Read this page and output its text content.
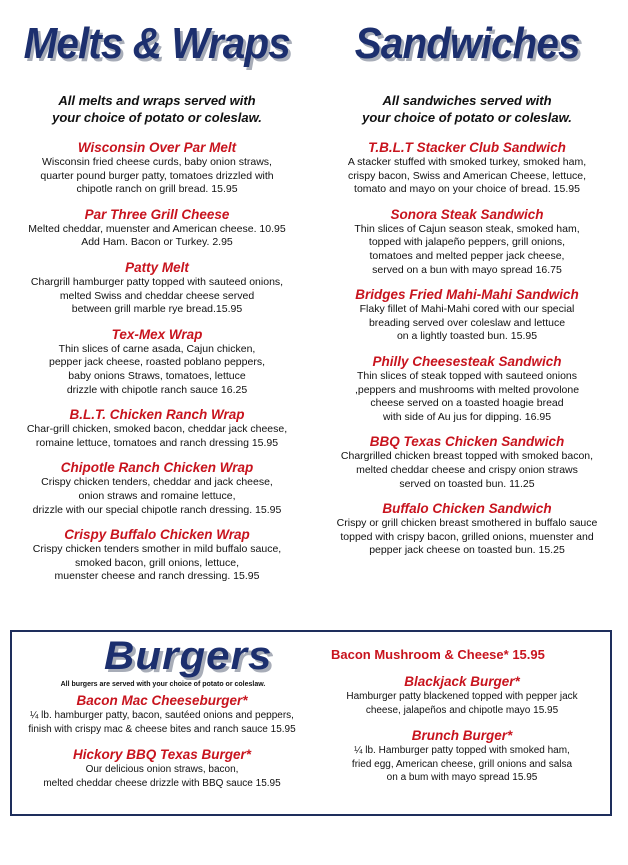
Melts & Wraps	Sandwiches
All melts and wraps served with
your choice of potato or coleslaw.
Wisconsin Over Par Melt
Wisconsin fried cheese curds, baby onion straws,
quarter pound burger patty, tomatoes drizzled with
chipotle ranch on grill bread. 15.95
Par Three Grill Cheese
Melted cheddar, muenster and American cheese. 10.95
Add Ham. Bacon or Turkey. 2.95
Patty Melt
Chargrill hamburger patty topped with sauteed onions,
melted Swiss and cheddar cheese served
between grill marble rye bread.15.95
Tex-Mex Wrap
Thin slices of carne asada, Cajun chicken,
pepper jack cheese, roasted poblano peppers,
baby onions Straws, tomatoes, lettuce
drizzle with chipotle ranch sauce 16.25
B.L.T. Chicken Ranch Wrap
Char-grill chicken, smoked bacon, cheddar jack cheese,
romaine lettuce, tomatoes and ranch dressing 15.95
Chipotle Ranch Chicken Wrap
Crispy chicken tenders, cheddar and jack cheese,
onion straws and romaine lettuce,
drizzle with our special chipotle ranch dressing. 15.95
Crispy Buffalo Chicken Wrap
Crispy chicken tenders smother in mild buffalo sauce,
smoked bacon, grill onions, lettuce,
muenster cheese and ranch dressing. 15.95
All sandwiches served with
your choice of potato or coleslaw.
T.B.L.T Stacker Club Sandwich
A stacker stuffed with smoked turkey, smoked ham,
crispy bacon, Swiss and American Cheese, lettuce,
tomato and mayo on your choice of bread. 15.95
Sonora Steak Sandwich
Thin slices of Cajun season steak, smoked ham,
topped with jalapeño peppers, grill onions,
tomatoes and melted pepper jack cheese,
served on a bun with mayo spread 16.75
Bridges Fried Mahi-Mahi Sandwich
Flaky fillet of Mahi-Mahi cored with our special
breading served over coleslaw and lettuce
on a lightly toasted bun. 15.95
Philly Cheesesteak Sandwich
Thin slices of steak topped with sauteed onions
,peppers and mushrooms with melted provolone
cheese served on a toasted hoagie bread
with side of Au jus for dipping. 16.95
BBQ Texas Chicken Sandwich
Chargrilled chicken breast topped with smoked bacon,
melted cheddar cheese and crispy onion straws
served on toasted bun. 11.25
Buffalo Chicken Sandwich
Crispy or grill chicken breast smothered in buffalo sauce
topped with crispy bacon, grilled onions, muenster and
pepper jack cheese on toasted bun. 15.25
Burgers
All burgers are served with your choice of potato or coleslaw.
Bacon Mac Cheeseburger*
¼ lb. hamburger patty, bacon, sautéed onions and peppers,
finish with crispy mac & cheese bites and ranch sauce 15.95
Hickory BBQ Texas Burger*
Our delicious onion straws, bacon,
melted cheddar cheese drizzle with BBQ sauce 15.95
Bacon Mushroom & Cheese* 15.95
Blackjack Burger*
Hamburger patty blackened topped with pepper jack
cheese, jalapeños and chipotle mayo 15.95
Brunch Burger*
¼ lb. Hamburger patty topped with smoked ham,
fried egg, American cheese, grill onions and salsa
on a bum with mayo spread 15.95
